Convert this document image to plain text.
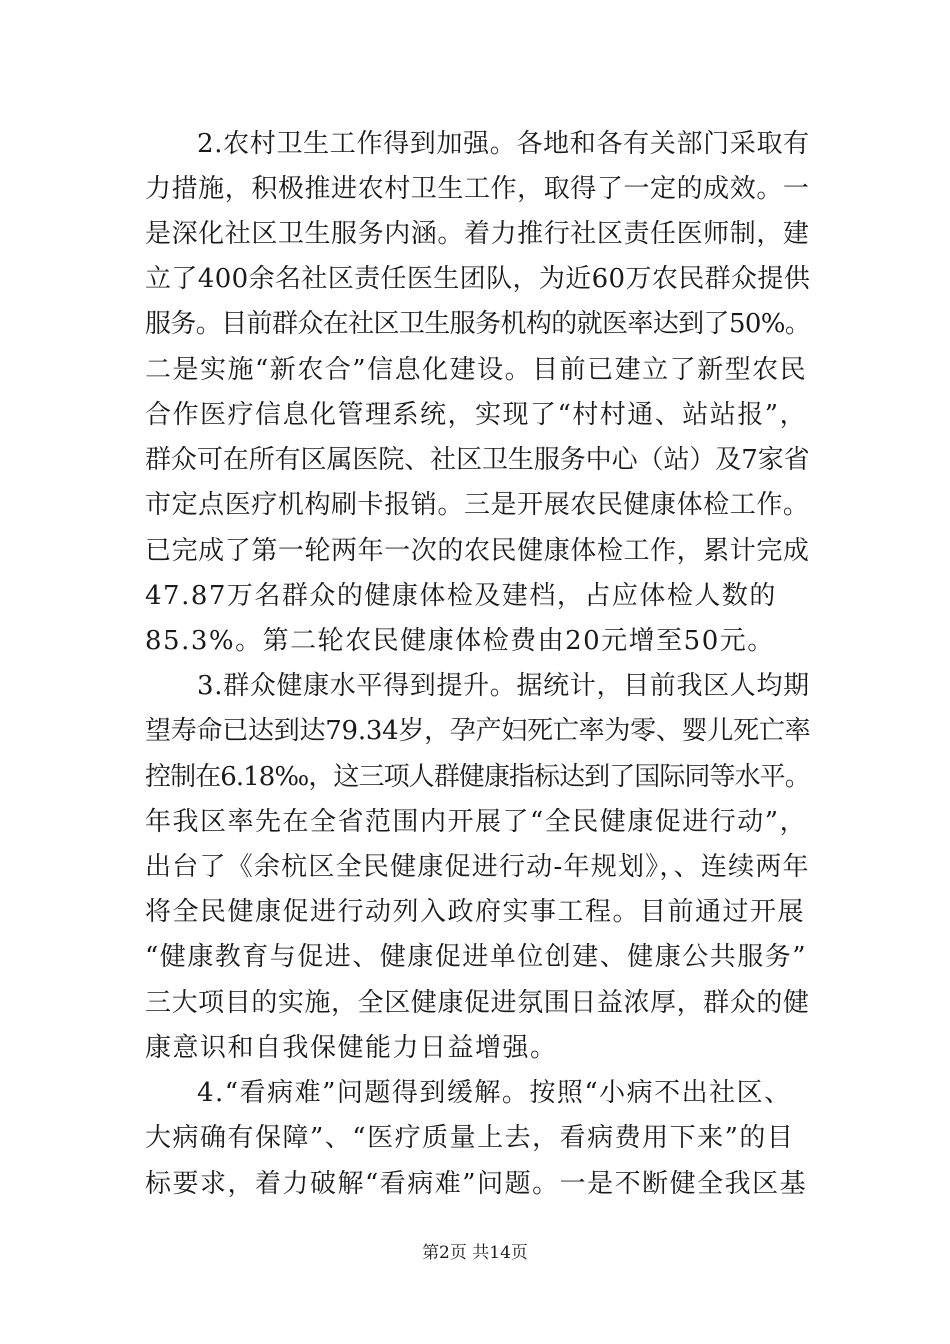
2.农村卫生工作得到加强。各地和各有关部门采取有
力措施，积极推进农村卫生工作，取得了一定的成效。一
是深化社区卫生服务内涵。着力推行社区责任医师制，建
立了400余名社区责任医生团队，为近60万农民群众提供
服务。目前群众在社区卫生服务机构的就医率达到了50%。
二是实施“新农合”信息化建设。目前已建立了新型农民
合作医疗信息化管理系统，实现了“村村通、站站报”，
群众可在所有区属医院、社区卫生服务中心（站）及7家省
市定点医疗机构刷卡报销。三是开展农民健康体检工作。
已完成了第一轮两年一次的农民健康体检工作，累计完成
47.87万名群众的健康体检及建档，占应体检人数的
85.3%。第二轮农民健康体检费由20元增至50元。
3.群众健康水平得到提升。据统计，目前我区人均期
望寿命已达到达79.34岁，孕产妇死亡率为零、婴儿死亡率
控制在6.18‰，这三项人群健康指标达到了国际同等水平。
年我区率先在全省范围内开展了“全民健康促进行动”，
出台了《余杭区全民健康促进行动-年规划》，、连续两年
将全民健康促进行动列入政府实事工程。目前通过开展
“健康教育与促进、健康促进单位创建、健康公共服务”
三大项目的实施，全区健康促进氛围日益浓厚，群众的健
康意识和自我保健能力日益增强。
4.“看病难”问题得到缓解。按照“小病不出社区、
大病确有保障”、“医疗质量上去，看病费用下来”的目
标要求，着力破解“看病难”问题。一是不断健全我区基
第2页 共14页
